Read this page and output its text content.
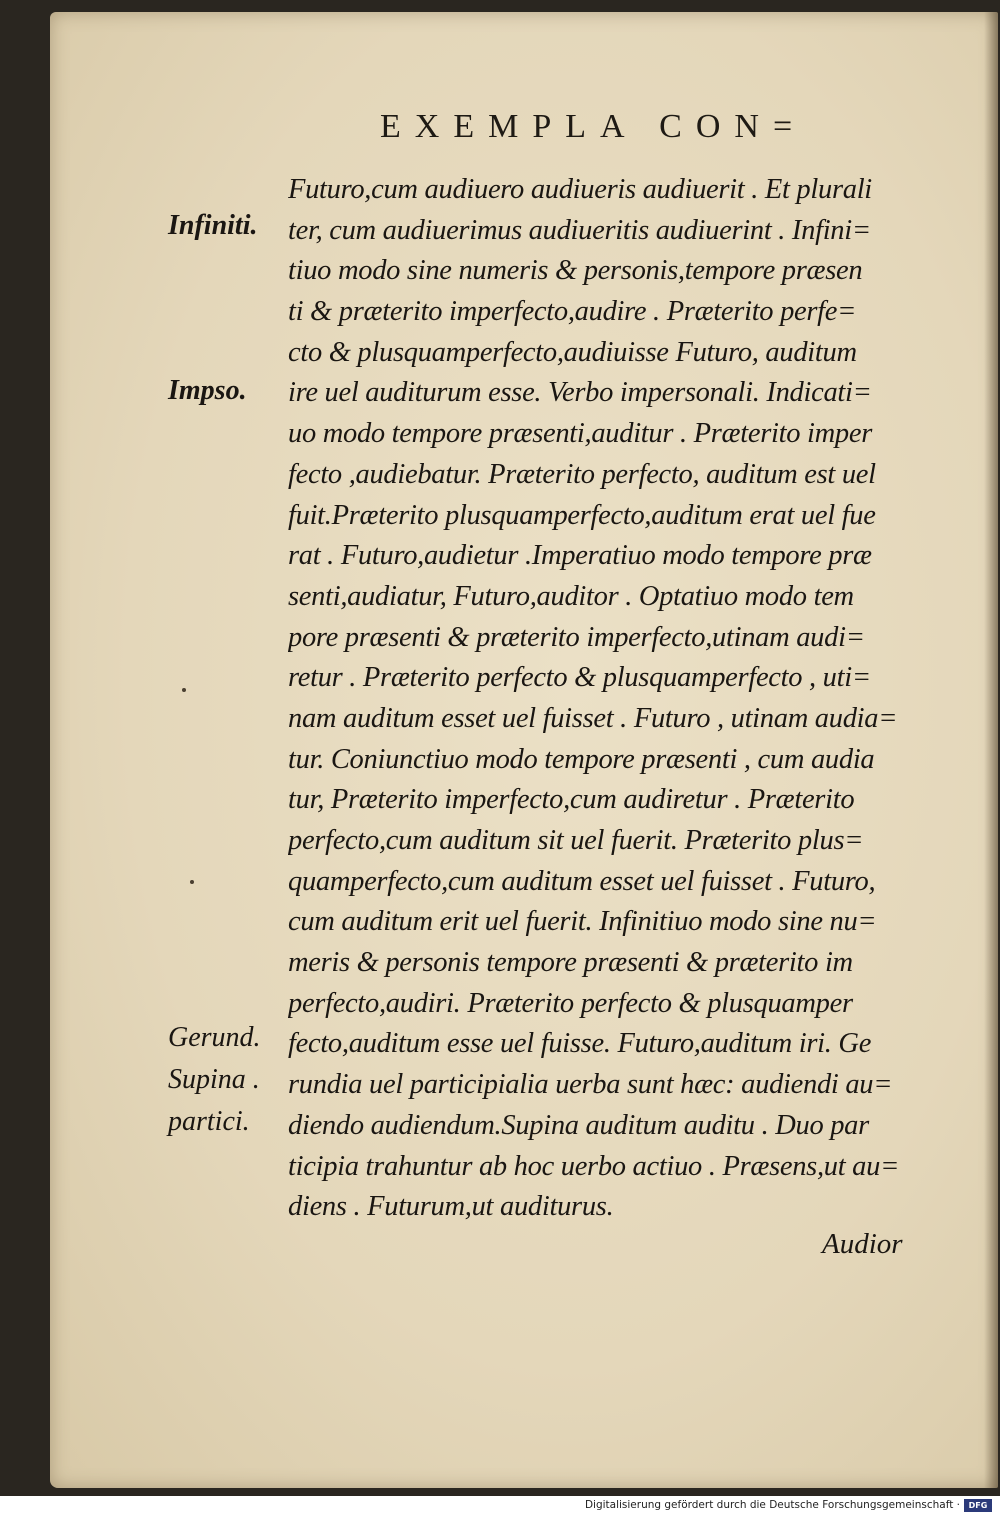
EXEMPLA CON=
Infiniti.
Impso.
Gerund.
Supina .
partici.
Futuro,cum audiuero audiueris audiuerit . Et plurali
ter, cum audiuerimus audiueritis audiuerint . Infini=
tiuo modo sine numeris & personis,tempore præsen
ti & præterito imperfecto,audire . Præterito perfe=
cto & plusquamperfecto,audiuisse Futuro, auditum
ire uel auditurum esse. Verbo impersonali. Indicati=
uo modo tempore præsenti,auditur . Præterito imper
fecto ,audiebatur. Præterito perfecto, auditum est uel
fuit.Præterito plusquamperfecto,auditum erat uel fue
rat . Futuro,audietur .Imperatiuo modo tempore præ
senti,audiatur, Futuro,auditor . Optatiuo modo tem
pore præsenti & præterito imperfecto,utinam audi=
retur . Præterito perfecto & plusquamperfecto , uti=
nam auditum esset uel fuisset . Futuro , utinam audia=
tur. Coniunctiuo modo tempore præsenti , cum audia
tur, Præterito imperfecto,cum audiretur . Præterito
perfecto,cum auditum sit uel fuerit. Præterito plus=
quamperfecto,cum auditum esset uel fuisset . Futuro,
cum auditum erit uel fuerit. Infinitiuo modo sine nu=
meris & personis tempore præsenti & præterito im
perfecto,audiri. Præterito perfecto & plusquamper
fecto,auditum esse uel fuisse. Futuro,auditum iri. Ge
rundia uel participialia uerba sunt hæc: audiendi au=
diendo audiendum.Supina auditum auditu . Duo par
ticipia trahuntur ab hoc uerbo actiuo . Præsens,ut au=
diens . Futurum,ut auditurus.
Audior
Digitalisierung gefördert durch die Deutsche Forschungsgemeinschaft ·	DFG
